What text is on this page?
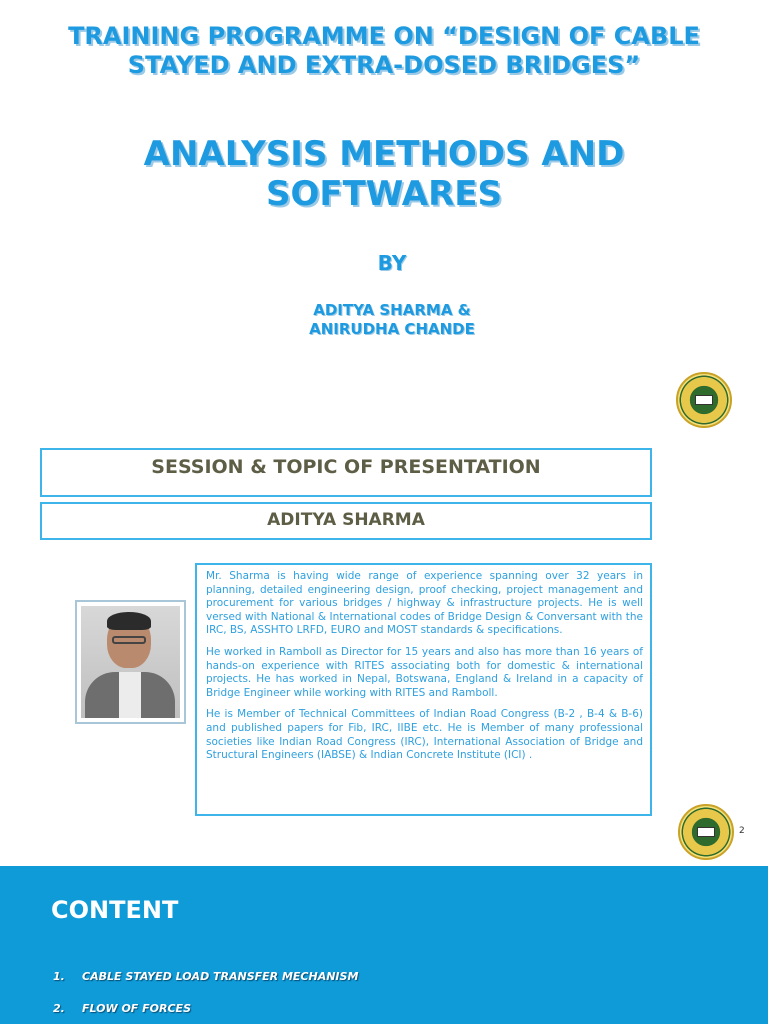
TRAINING PROGRAMME ON “DESIGN OF CABLE
STAYED AND EXTRA-DOSED BRIDGES”
ANALYSIS METHODS AND
SOFTWARES
BY
ADITYA SHARMA &
ANIRUDHA CHANDE
SESSION & TOPIC OF PRESENTATION
ADITYA SHARMA

Mr. Sharma is having wide range of experience spanning over 32 years in planning, detailed engineering design, proof checking, project management and procurement for various bridges / highway & infrastructure projects. He is well versed with National & International codes of Bridge Design & Conversant with the IRC, BS, ASSHTO LRFD, EURO and MOST standards & specifications.

He worked in Ramboll as Director for 15 years and also has more than 16 years of hands-on experience with RITES associating both for domestic & international projects. He has worked in Nepal, Botswana, England & Ireland in a capacity of Bridge Engineer while working with RITES and Ramboll.

He is Member of Technical Committees of Indian Road Congress (B-2 , B-4 & B-6) and published papers for Fib, IRC, IIBE etc. He is Member of many professional societies like Indian Road Congress (IRC), International Association of Bridge and Structural Engineers (IABSE) & Indian Concrete Institute (ICI) .

2
CONTENT
1. CABLE STAYED LOAD TRANSFER MECHANISM
2. FLOW OF FORCES
